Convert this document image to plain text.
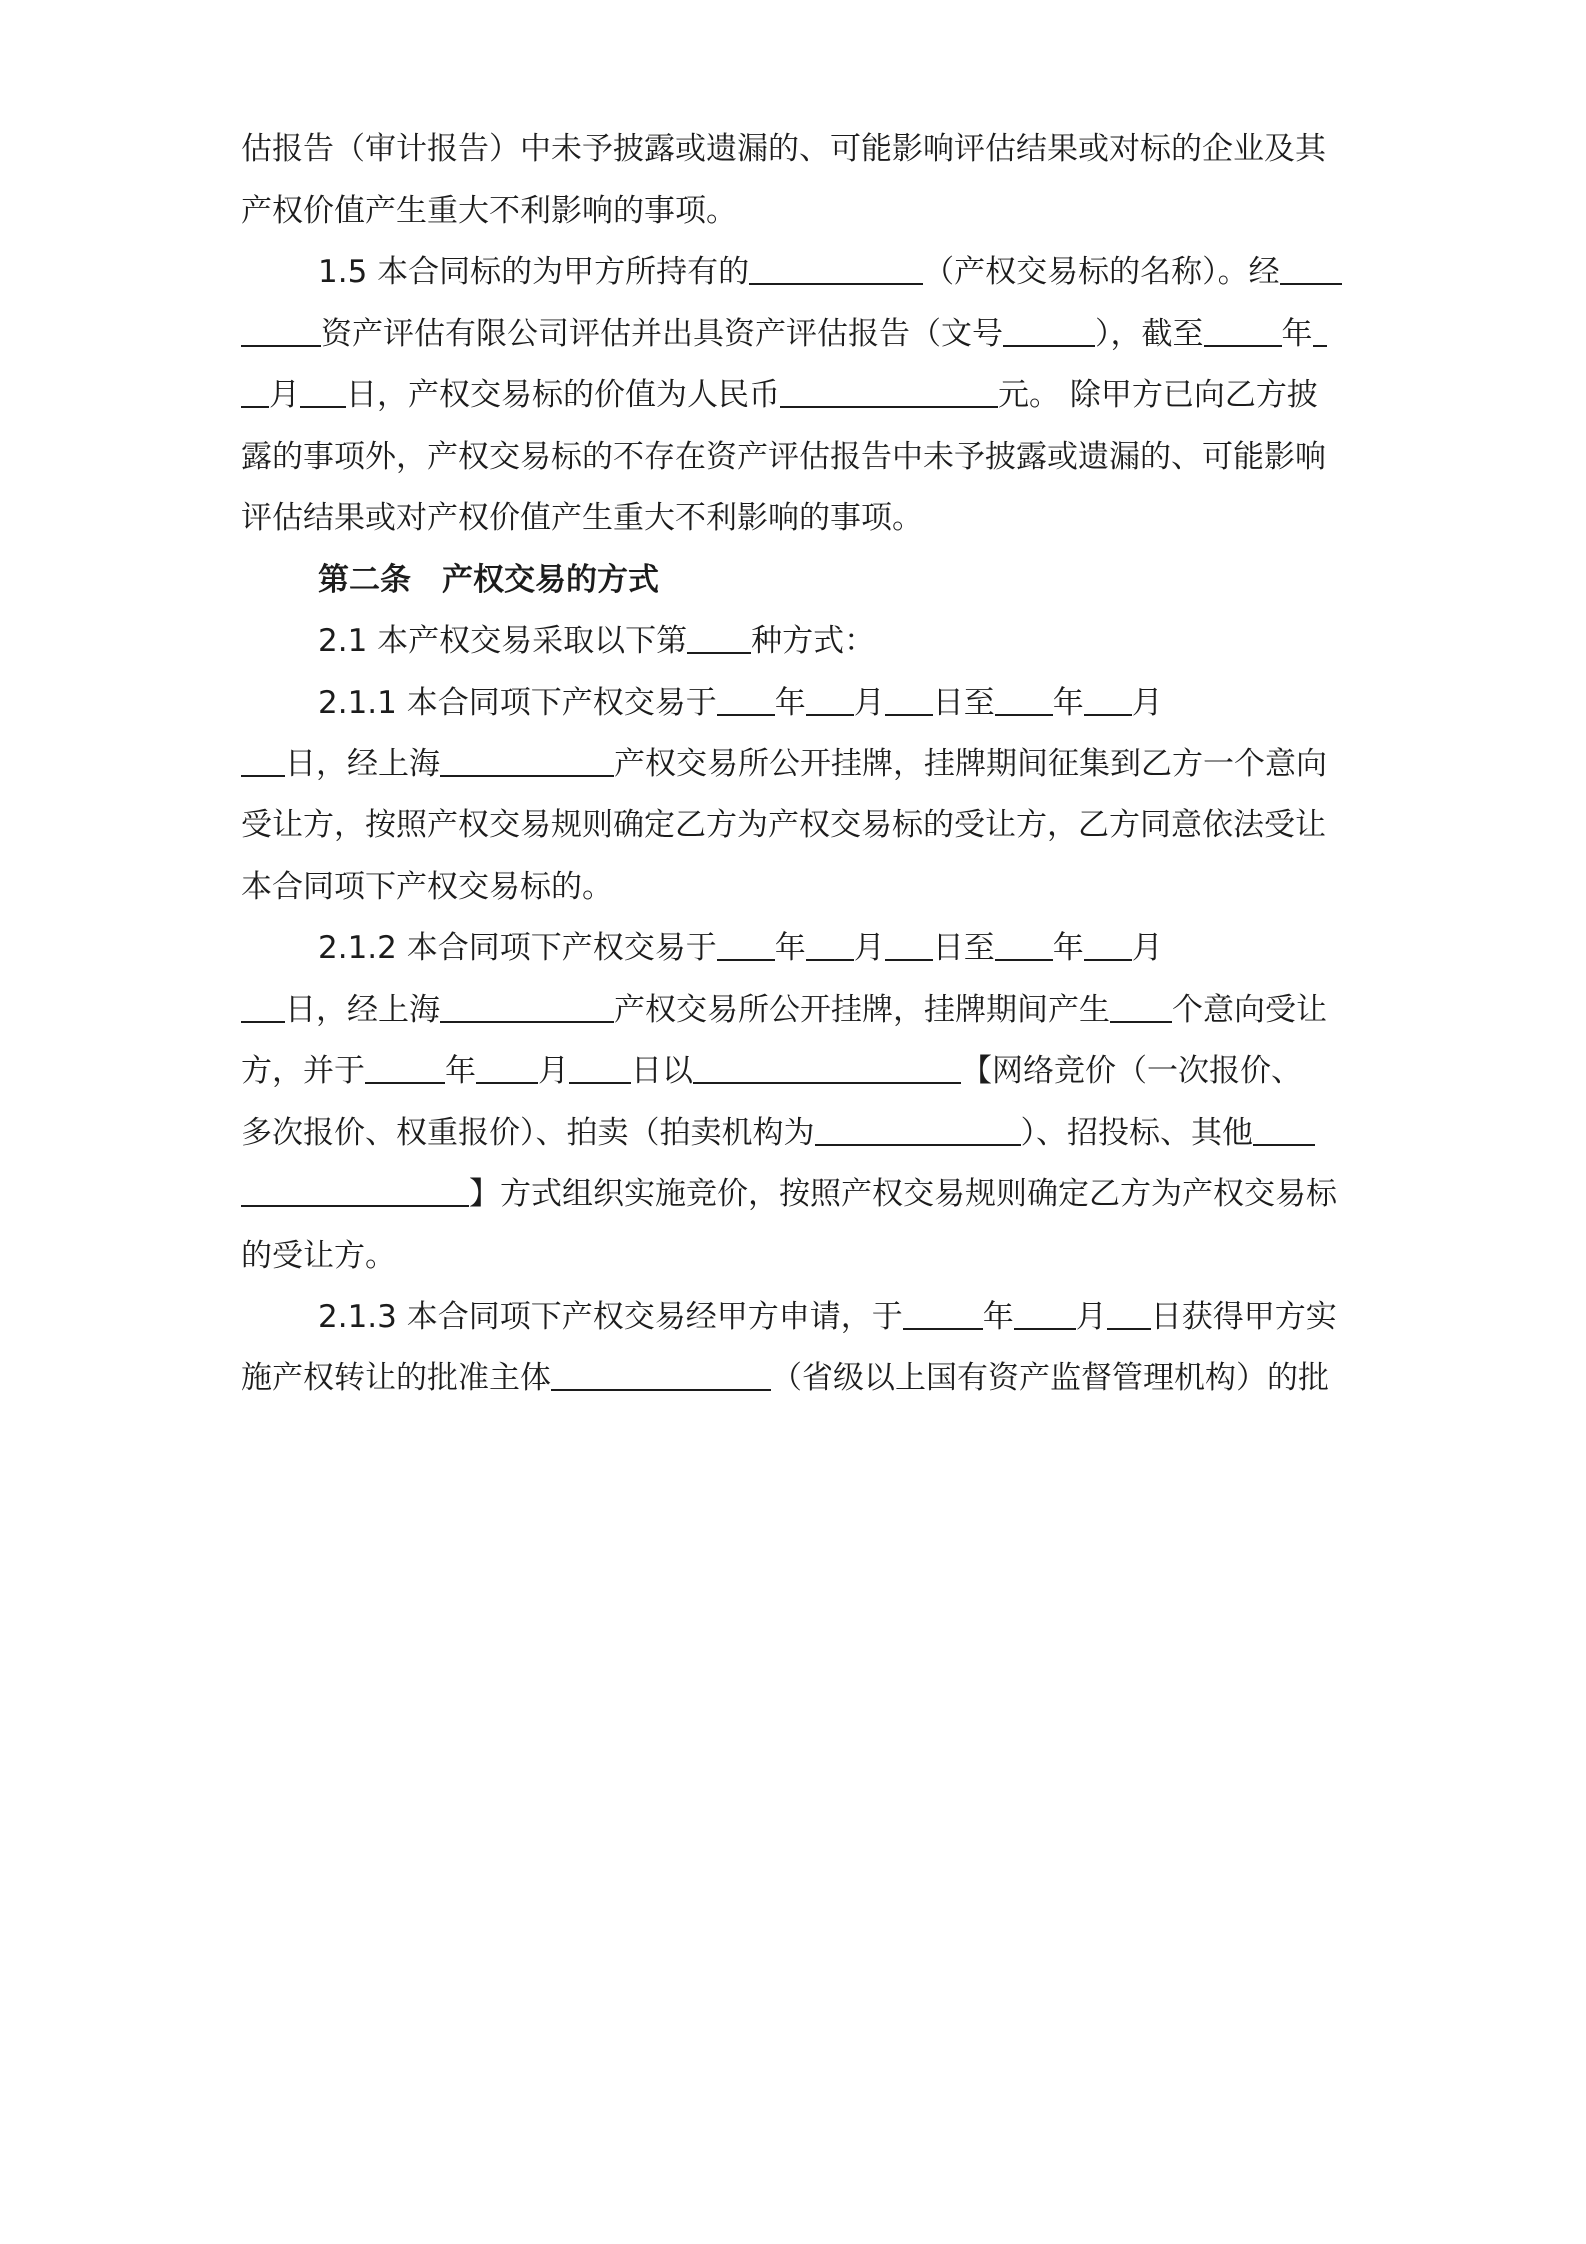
估报告（审计报告）中未予披露或遗漏的、可能影响评估结果或对标的企业及其
产权价值产生重大不利影响的事项。
1.5 本合同标的为甲方所持有的	（产权交易标的名称）。经
资产评估有限公司评估并出具资产评估报告（文号	），截至	年
月 日，产权交易标的价值为人民币	元。 除甲方已向乙方披
露的事项外，产权交易标的不存在资产评估报告中未予披露或遗漏的、可能影响
评估结果或对产权价值产生重大不利影响的事项。
第二条　产权交易的方式
2.1 本产权交易采取以下第 种方式：
2.1.1 本合同项下产权交易于 年 月 日至 年 月
日，经上海	产权交易所公开挂牌，挂牌期间征集到乙方一个意向
受让方，按照产权交易规则确定乙方为产权交易标的受让方，乙方同意依法受让
本合同项下产权交易标的。
2.1.2 本合同项下产权交易于 年 月 日至 年 月
日，经上海	产权交易所公开挂牌，挂牌期间产生 个意向受让
方，并于	年 月 日以	【网络竞价（一次报价、
多次报价、权重报价）、拍卖（拍卖机构为	）、招投标、其他
】方式组织实施竞价，按照产权交易规则确定乙方为产权交易标
的受让方。
2.1.3 本合同项下产权交易经甲方申请，于	年 月 日获得甲方实
施产权转让的批准主体	（省级以上国有资产监督管理机构）的批
